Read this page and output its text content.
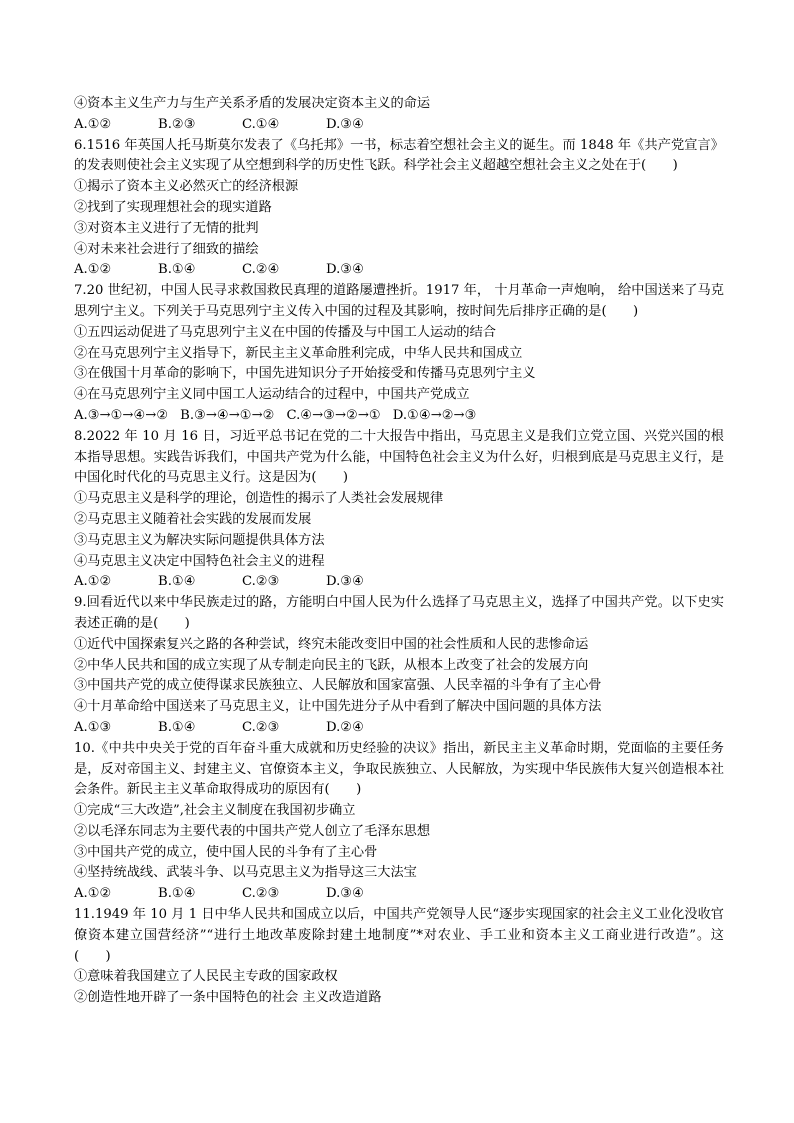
④资本主义生产力与生产关系矛盾的发展决定资本主义的命运
A.①②	B.②③	C.①④	D.③④
6.1516 年英国人托马斯莫尔发表了《乌托邦》一书，标志着空想社会主义的诞生。而 1848 年《共产党宣言》的发表则使社会主义实现了从空想到科学的历史性飞跃。科学社会主义超越空想社会主义之处在于(　　)
①揭示了资本主义必然灭亡的经济根源
②找到了实现理想社会的现实道路
③对资本主义进行了无情的批判
④对未来社会进行了细致的描绘
A.①②	B.①④	C.②④	D.③④
7.20 世纪初，中国人民寻求救国救民真理的道路屡遭挫折。1917 年， 十月革命一声炮响， 给中国送来了马克思列宁主义。下列关于马克思列宁主义传入中国的过程及其影响，按时间先后排序正确的是(　　)
①五四运动促进了马克思列宁主义在中国的传播及与中国工人运动的结合
②在马克思列宁主义指导下，新民主主义革命胜利完成，中华人民共和国成立
③在俄国十月革命的影响下，中国先进知识分子开始接受和传播马克思列宁主义
④在马克思列宁主义同中国工人运动结合的过程中，中国共产党成立
A.③→①→④→② B.③→④→①→② C.④→③→②→① D.①④→②→③
8.2022 年 10 月 16 日，习近平总书记在党的二十大报告中指出，马克思主义是我们立党立国、兴党兴国的根本指导思想。实践告诉我们，中国共产党为什么能，中国特色社会主义为什么好，归根到底是马克思主义行，是中国化时代化的马克思主义行。这是因为(　　)
①马克思主义是科学的理论，创造性的揭示了人类社会发展规律
②马克思主义随着社会实践的发展而发展
③马克思主义为解决实际问题提供具体方法
④马克思主义决定中国特色社会主义的进程
A.①②	B.①④	C.②③	D.③④
9.回看近代以来中华民族走过的路，方能明白中国人民为什么选择了马克思主义，选择了中国共产党。以下史实表述正确的是(　　)
①近代中国探索复兴之路的各种尝试，终究未能改变旧中国的社会性质和人民的悲惨命运
②中华人民共和国的成立实现了从专制走向民主的飞跃，从根本上改变了社会的发展方向
③中国共产党的成立使得谋求民族独立、人民解放和国家富强、人民幸福的斗争有了主心骨
④十月革命给中国送来了马克思主义，让中国先进分子从中看到了解决中国问题的具体方法
A.①③	B.①④	C.②③	D.②④
10.《中共中央关于党的百年奋斗重大成就和历史经验的决议》指出，新民主主义革命时期，党面临的主要任务是，反对帝国主义、封建主义、官僚资本主义，争取民族独立、人民解放，为实现中华民族伟大复兴创造根本社会条件。新民主主义革命取得成功的原因有(　　)
①完成“三大改造”,社会主义制度在我国初步确立
②以毛泽东同志为主要代表的中国共产党人创立了毛泽东思想
③中国共产党的成立，使中国人民的斗争有了主心骨
④坚持统战线、武装斗争、以马克思主义为指导这三大法宝
A.①②	B.①④	C.②③	D.③④
11.1949 年 10 月 1 日中华人民共和国成立以后，中国共产党领导人民“逐步实现国家的社会主义工业化没收官僚资本建立国营经济”“进行土地改革废除封建土地制度”*对农业、手工业和资本主义工商业进行改造”。这(　　)
①意味着我国建立了人民民主专政的国家政权
②创造性地开辟了一条中国特色的社会 主义改造道路
